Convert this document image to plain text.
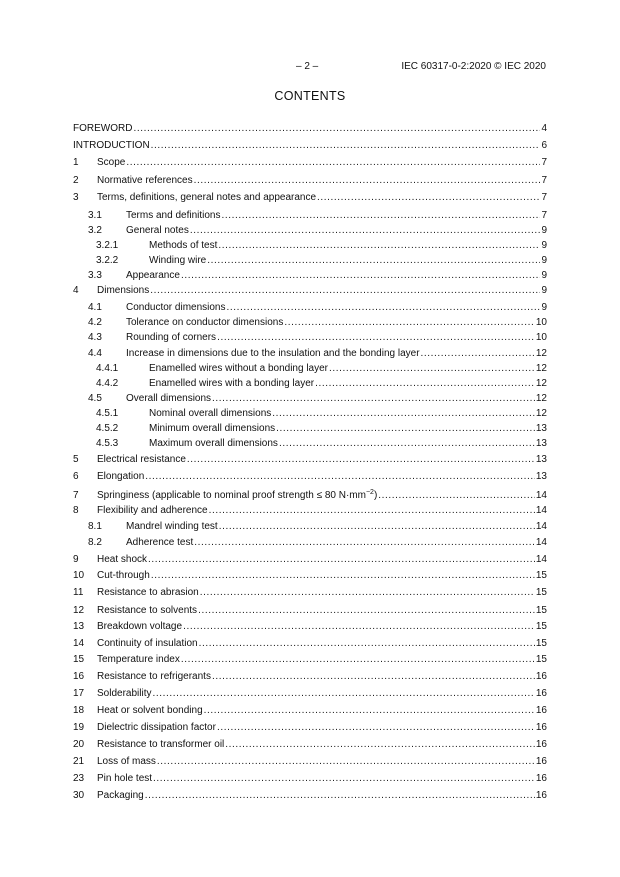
– 2 –	IEC 60317-0-2:2020 © IEC 2020
CONTENTS
FOREWORD .....	4
INTRODUCTION .....	6
1	Scope .....	7
2	Normative references .....	7
3	Terms, definitions, general notes and appearance .....	7
3.1	Terms and definitions .....	7
3.2	General notes .....	9
3.2.1	Methods of test .....	9
3.2.2	Winding wire .....	9
3.3	Appearance .....	9
4	Dimensions .....	9
4.1	Conductor dimensions .....	9
4.2	Tolerance on conductor dimensions .....	10
4.3	Rounding of corners .....	10
4.4	Increase in dimensions due to the insulation and the bonding layer .....	12
4.4.1	Enamelled wires without a bonding layer .....	12
4.4.2	Enamelled wires with a bonding layer .....	12
4.5	Overall dimensions .....	12
4.5.1	Nominal overall dimensions .....	12
4.5.2	Minimum overall dimensions .....	13
4.5.3	Maximum overall dimensions .....	13
5	Electrical resistance .....	13
6	Elongation .....	13
7	Springiness (applicable to nominal proof strength ≤ 80 $N\cdot mm^{-2}$) .....	14
8	Flexibility and adherence .....	14
8.1	Mandrel winding test .....	14
8.2	Adherence test .....	14
9	Heat shock .....	14
10	Cut-through .....	15
11	Resistance to abrasion .....	15
12	Resistance to solvents .....	15
13	Breakdown voltage .....	15
14	Continuity of insulation .....	15
15	Temperature index .....	15
16	Resistance to refrigerants .....	16
17	Solderability .....	16
18	Heat or solvent bonding .....	16
19	Dielectric dissipation factor .....	16
20	Resistance to transformer oil .....	16
21	Loss of mass .....	16
23	Pin hole test .....	16
30	Packaging .....	16
